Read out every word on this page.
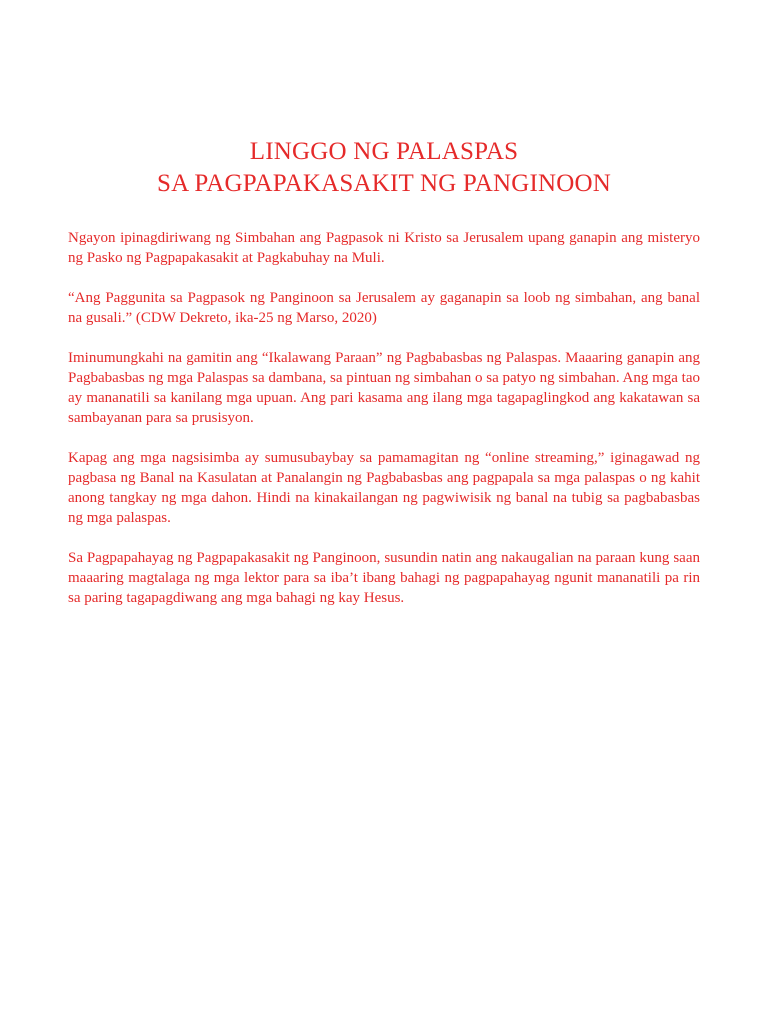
LINGGO NG PALASPAS
SA PAGPAPAKASAKIT NG PANGINOON

Ngayon ipinagdiriwang ng Simbahan ang Pagpasok ni Kristo sa Jerusalem upang ganapin ang misteryo ng Pasko ng Pagpapakasakit at Pagkabuhay na Muli.

“Ang Paggunita sa Pagpasok ng Panginoon sa Jerusalem ay gaganapin sa loob ng simbahan, ang banal na gusali.” (CDW Dekreto, ika-25 ng Marso, 2020)

Iminumungkahi na gamitin ang “Ikalawang Paraan” ng Pagbabasbas ng Palaspas. Maaaring ganapin ang Pagbabasbas ng mga Palaspas sa dambana, sa pintuan ng simbahan o sa patyo ng simbahan. Ang mga tao ay mananatili sa kanilang mga upuan. Ang pari kasama ang ilang mga tagapaglingkod ang kakatawan sa sambayanan para sa prusisyon.

Kapag ang mga nagsisimba ay sumusubaybay sa pamamagitan ng “online streaming,” iginagawad ng pagbasa ng Banal na Kasulatan at Panalangin ng Pagbabasbas ang pagpapala sa mga palaspas o ng kahit anong tangkay ng mga dahon. Hindi na kinakailangan ng pagwiwisik ng banal na tubig sa pagbabasbas ng mga palaspas.

Sa Pagpapahayag ng Pagpapakasakit ng Panginoon, susundin natin ang nakaugalian na paraan kung saan maaaring magtalaga ng mga lektor para sa iba’t ibang bahagi ng pagpapahayag ngunit mananatili pa rin sa paring tagapagdiwang ang mga bahagi ng kay Hesus.
